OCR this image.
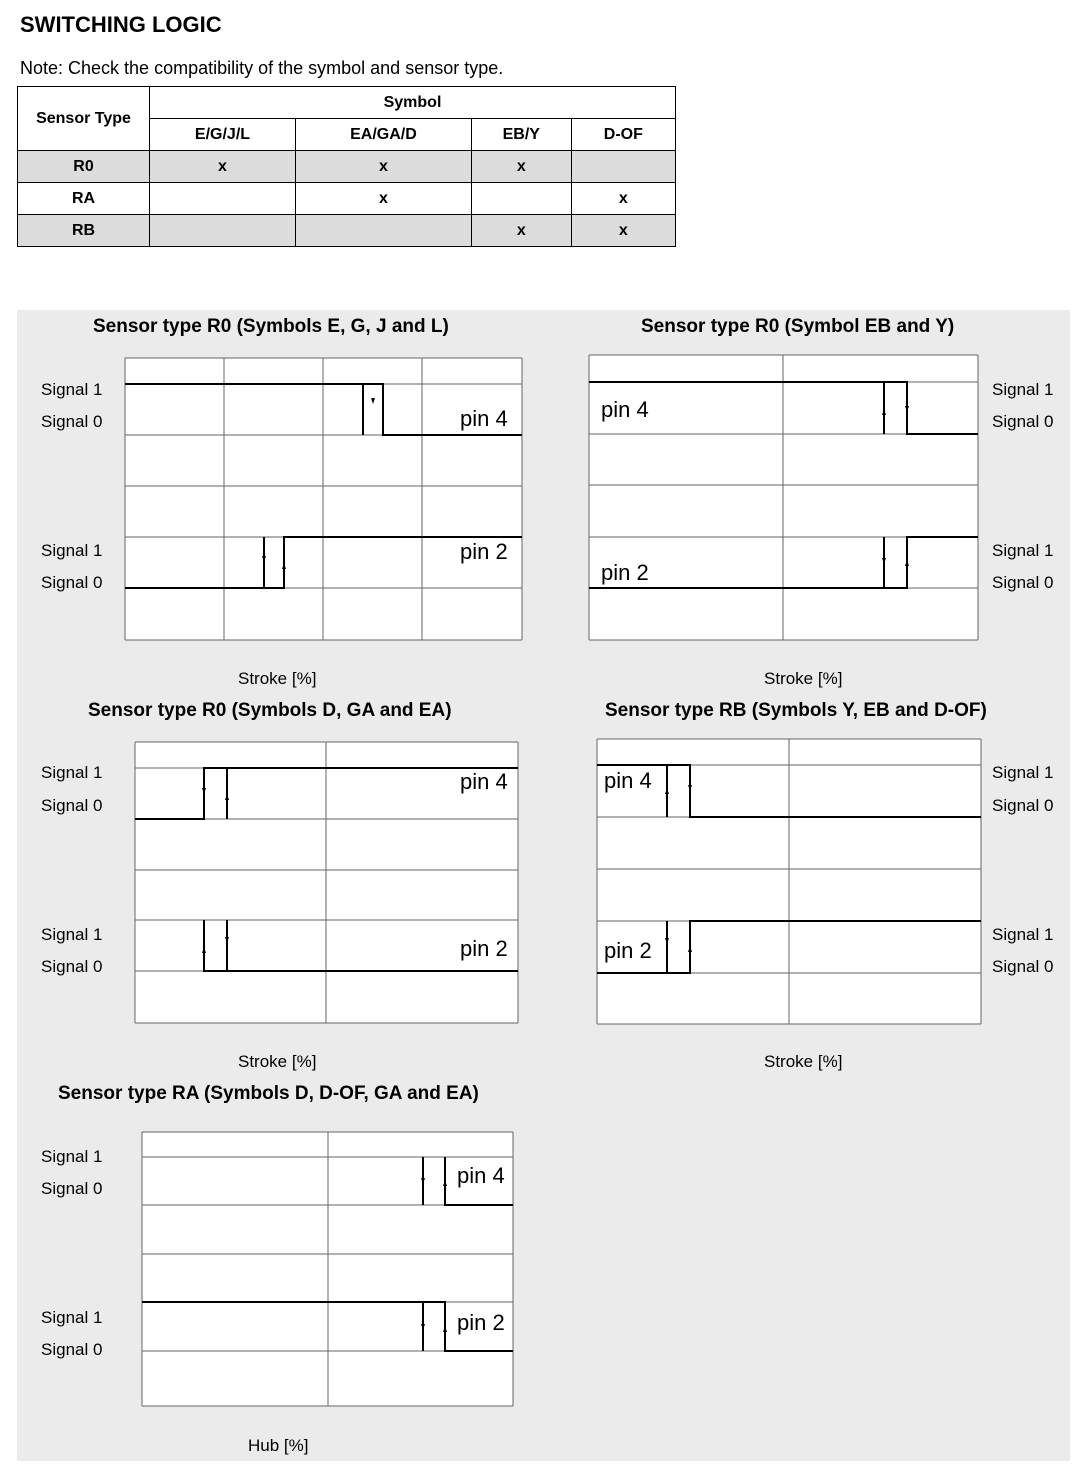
SWITCHING LOGIC
Note: Check the compatibility of the symbol and sensor type.
Sensor Type	Symbol			
	E/G/J/L	EA/GA/D	EB/Y	D-OF
R0	x	x	x	
RA		x		x
RB			x	x
Sensor type R0 (Symbols E, G, J and L)	Sensor type R0 (Symbol EB and Y)
Sensor type R0 (Symbols D, GA and EA)	Sensor type RB (Symbols Y, EB and D-OF)
Sensor type RA (Symbols D, D-OF, GA and EA)
Signal 1
Signal 0
Signal 1
Signal 0
Signal 1
Signal 0
Signal 1
Signal 0
Signal 1
Signal 0
Signal 1
Signal 0
Signal 1
Signal 0
Signal 1
Signal 0
Signal 1
Signal 0
Signal 1
Signal 0
Stroke [%]	Stroke [%]
Stroke [%]	Stroke [%]
Hub [%]
pin 4
pin 2
pin 4
pin 2
pin 4
pin 2
pin 4
pin 2
pin 4
pin 2
